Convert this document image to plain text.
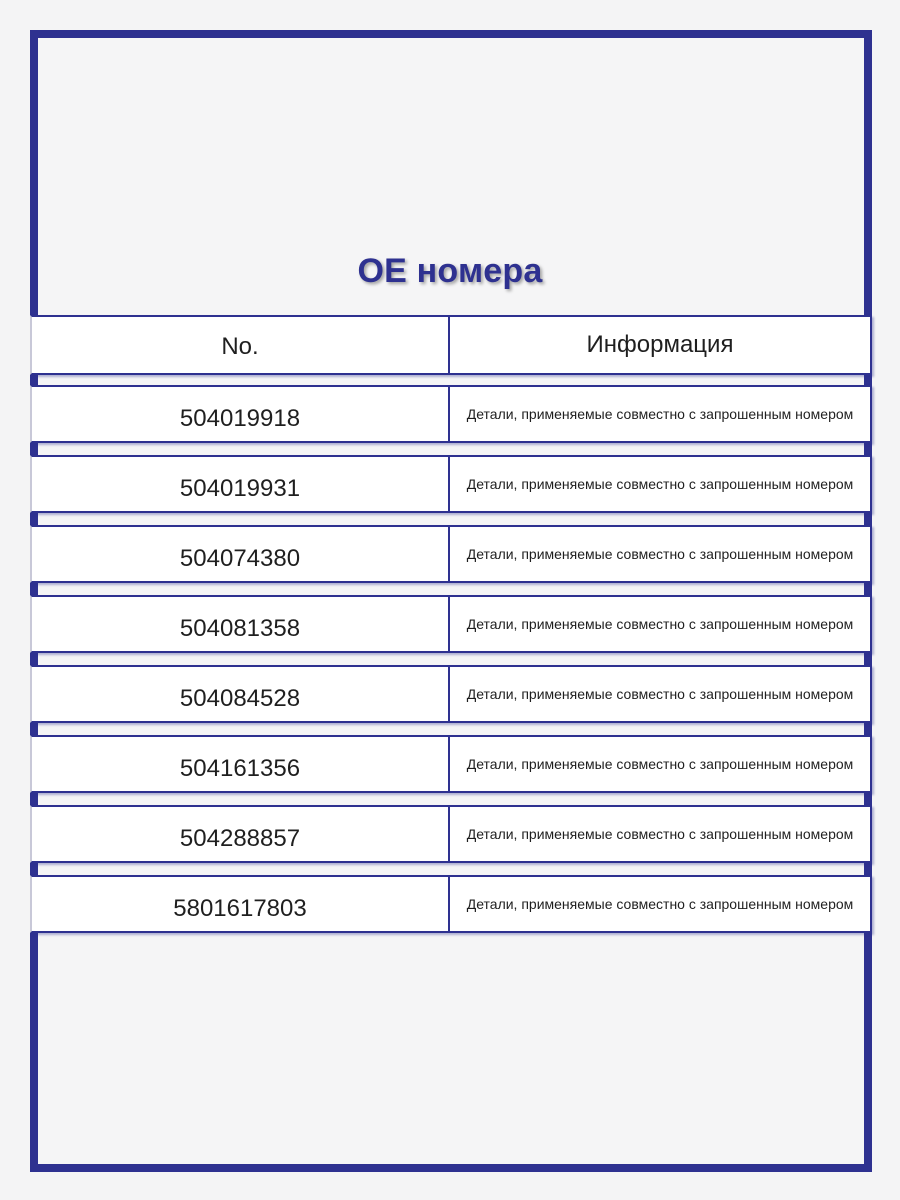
OE номера
No.	Информация
504019918	Детали, применяемые совместно с запрошенным номером
504019931	Детали, применяемые совместно с запрошенным номером
504074380	Детали, применяемые совместно с запрошенным номером
504081358	Детали, применяемые совместно с запрошенным номером
504084528	Детали, применяемые совместно с запрошенным номером
504161356	Детали, применяемые совместно с запрошенным номером
504288857	Детали, применяемые совместно с запрошенным номером
5801617803	Детали, применяемые совместно с запрошенным номером
